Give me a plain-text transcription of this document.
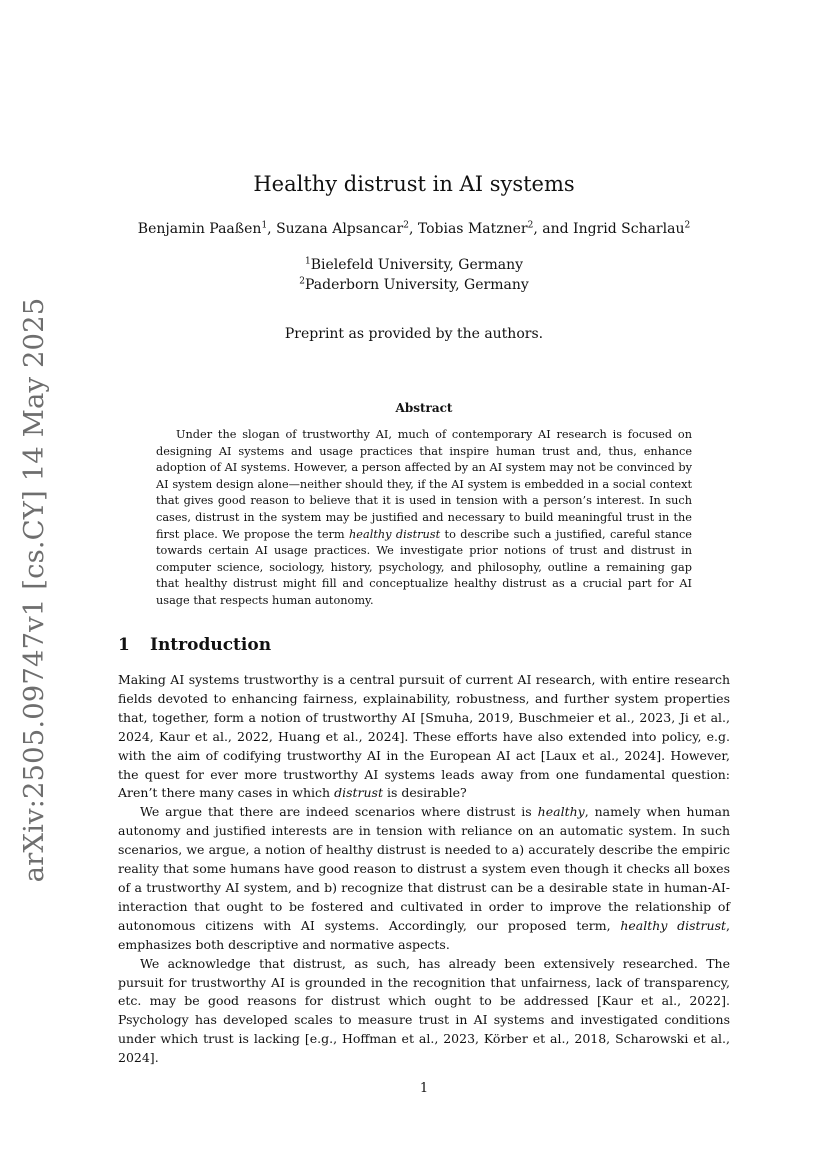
arXiv:2505.09747v1 [cs.CY] 14 May 2025
Healthy distrust in AI systems
Benjamin Paaßen$^1$, Suzana Alpsancar$^2$, Tobias Matzner$^2$, and Ingrid Scharlau$^2$
$^1$Bielefeld University, Germany
$^2$Paderborn University, Germany
Preprint as provided by the authors.
Abstract

Under the slogan of trustworthy AI, much of contemporary AI research is focused on designing AI systems and usage practices that inspire human trust and, thus, enhance adoption of AI systems. However, a person affected by an AI system may not be convinced by AI system design alone—neither should they, if the AI system is embedded in a social context that gives good reason to believe that it is used in tension with a person’s interest. In such cases, distrust in the system may be justified and necessary to build meaningful trust in the first place. We propose the term healthy distrust to describe such a justified, careful stance towards certain AI usage practices. We investigate prior notions of trust and distrust in computer science, sociology, history, psychology, and philosophy, outline a remaining gap that healthy distrust might fill and conceptualize healthy distrust as a crucial part for AI usage that respects human autonomy.

1 Introduction

Making AI systems trustworthy is a central pursuit of current AI research, with entire research fields devoted to enhancing fairness, explainability, robustness, and further system properties that, together, form a notion of trustworthy AI [Smuha, 2019, Buschmeier et al., 2023, Ji et al., 2024, Kaur et al., 2022, Huang et al., 2024]. These efforts have also extended into policy, e.g. with the aim of codifying trustworthy AI in the European AI act [Laux et al., 2024]. However, the quest for ever more trustworthy AI systems leads away from one fundamental question: Aren’t there many cases in which distrust is desirable?

We argue that there are indeed scenarios where distrust is healthy, namely when human autonomy and justified interests are in tension with reliance on an automatic system. In such scenarios, we argue, a notion of healthy distrust is needed to a) accurately describe the empiric reality that some humans have good reason to distrust a system even though it checks all boxes of a trustworthy AI system, and b) recognize that distrust can be a desirable state in human-AI-interaction that ought to be fostered and cultivated in order to improve the relationship of autonomous citizens with AI systems. Accordingly, our proposed term, healthy distrust, emphasizes both descriptive and normative aspects.

We acknowledge that distrust, as such, has already been extensively researched. The pursuit for trustworthy AI is grounded in the recognition that unfairness, lack of transparency, etc. may be good reasons for distrust which ought to be addressed [Kaur et al., 2022]. Psychology has developed scales to measure trust in AI systems and investigated conditions under which trust is lacking [e.g., Hoffman et al., 2023, Körber et al., 2018, Scharowski et al., 2024].

1
